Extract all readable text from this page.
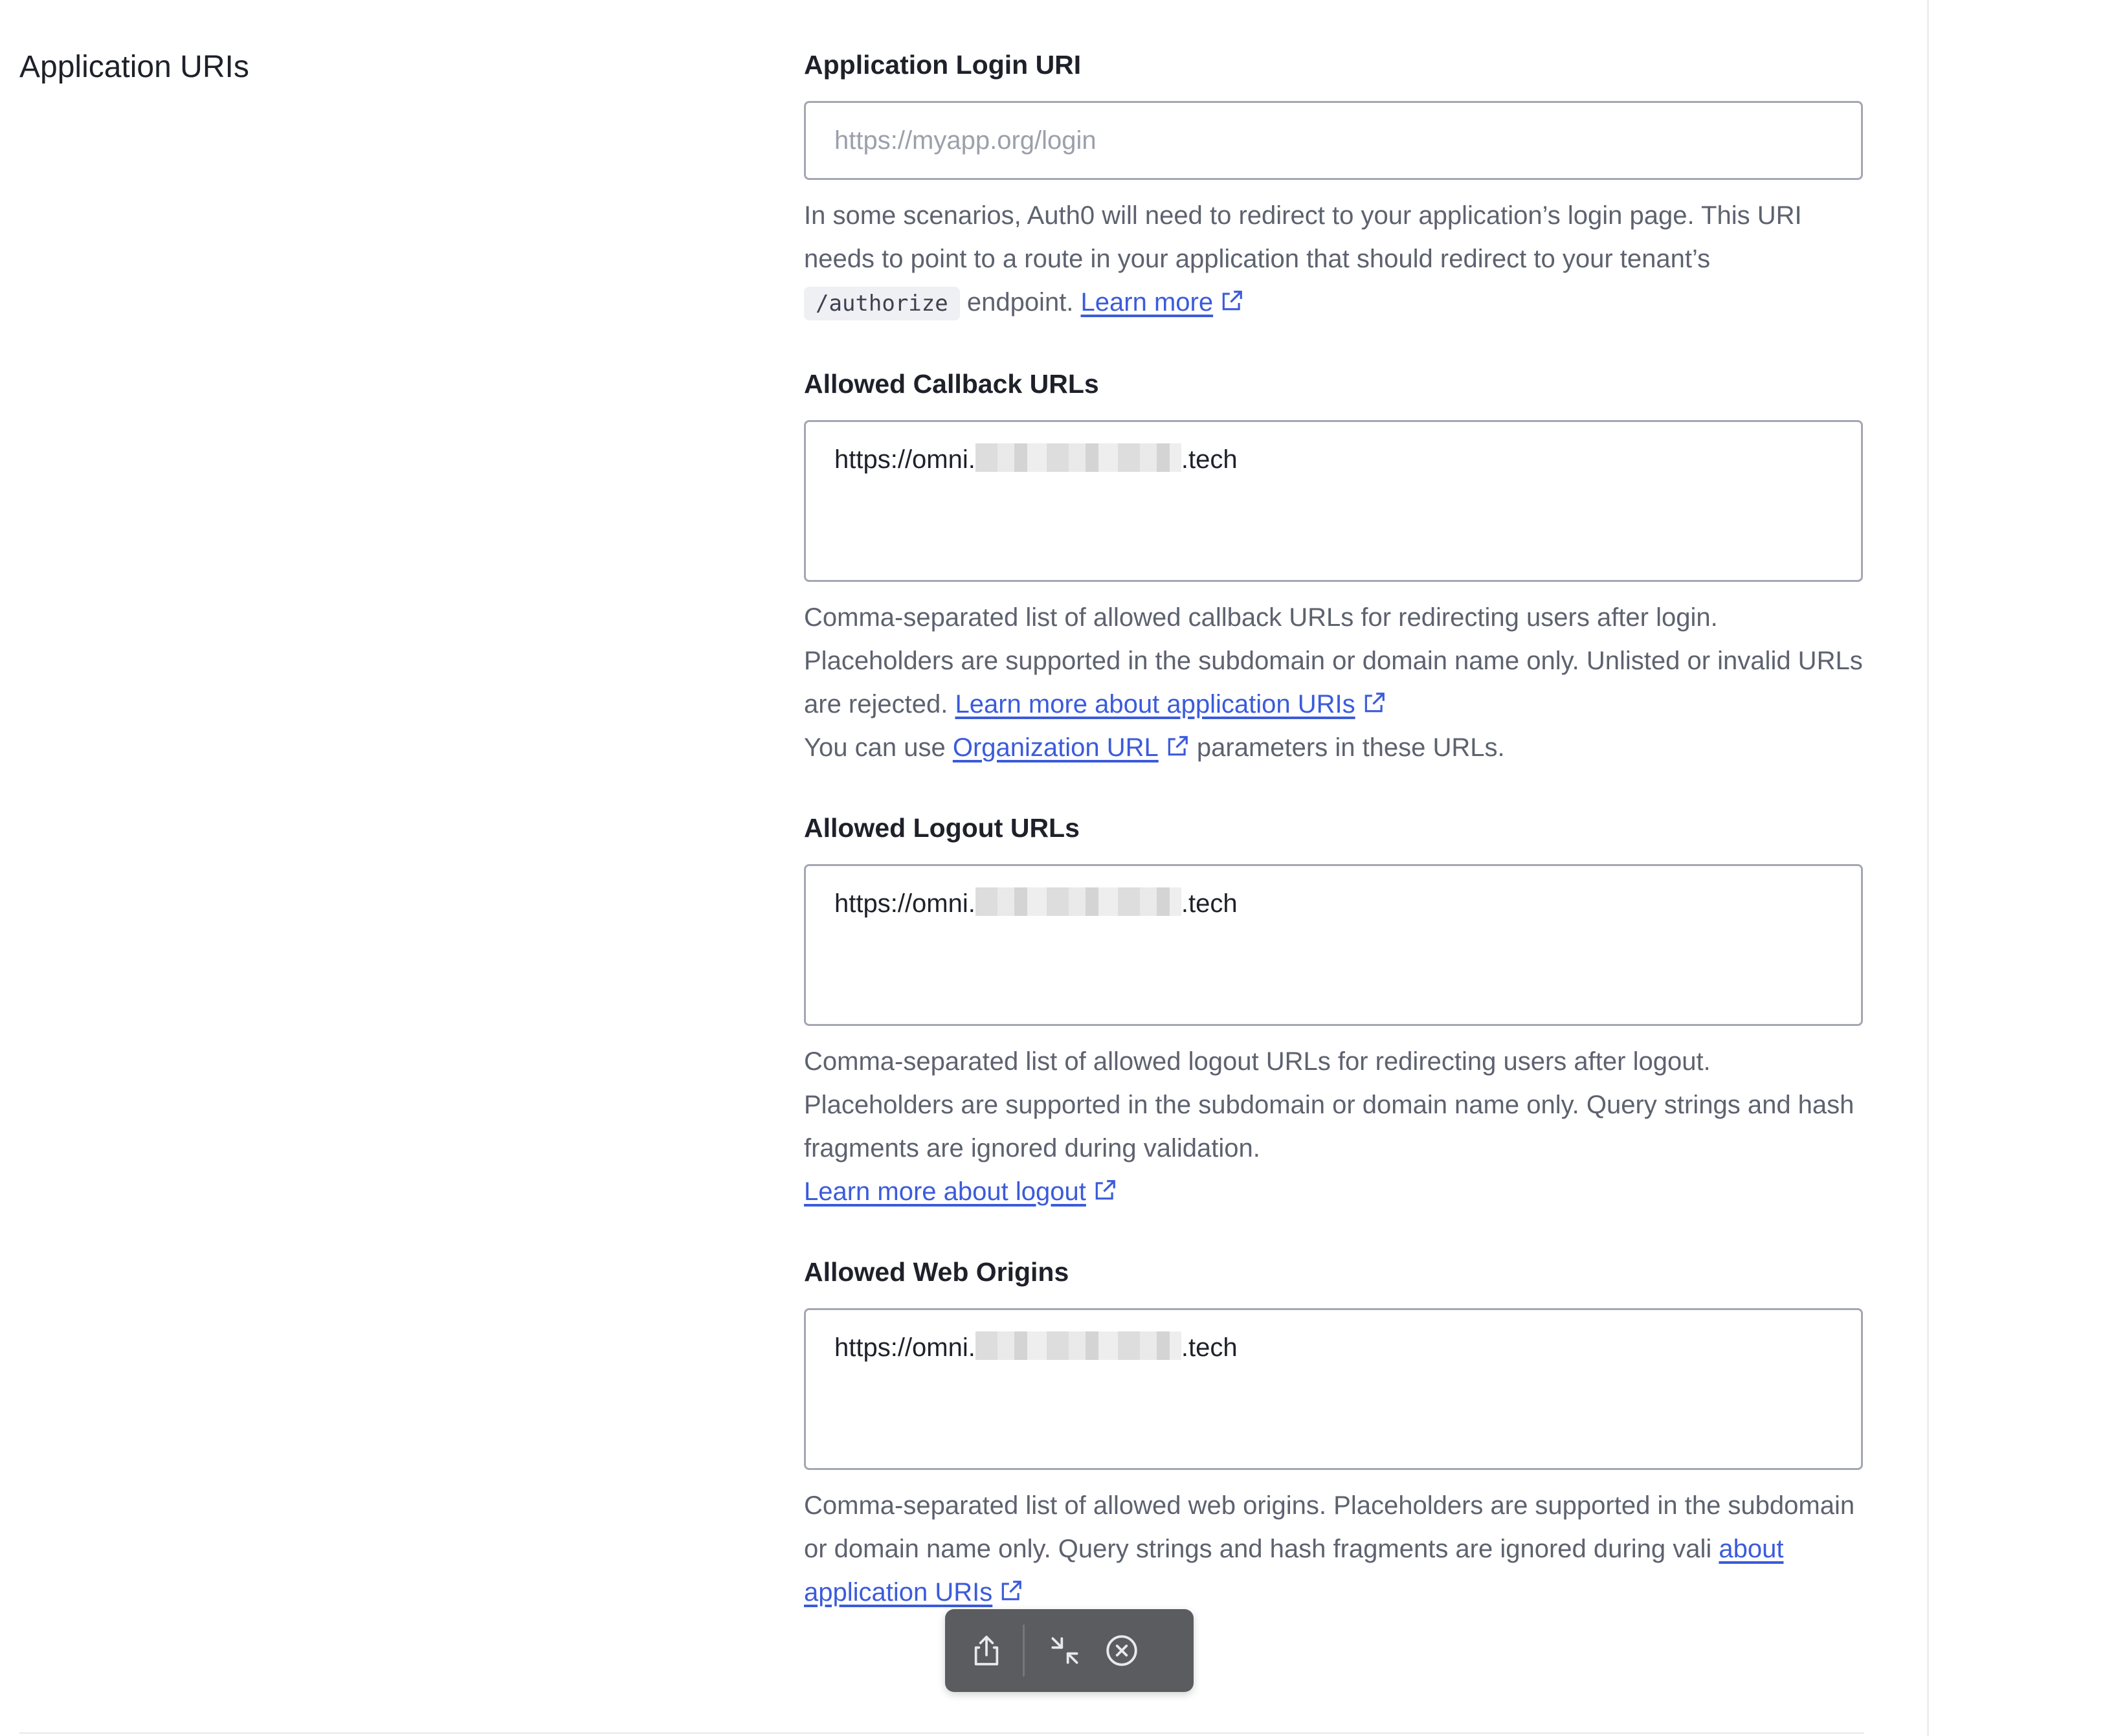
Application URIs	Application Login URI
https://myapp.org/login

In some scenarios, Auth0 will need to redirect to your application’s login page. This URI needs to point to a route in your application that should redirect to your tenant’s /authorize endpoint. Learn more

Allowed Callback URLs
https://omni.	.tech

Comma-separated list of allowed callback URLs for redirecting users after login. Placeholders are supported in the subdomain or domain name only. Unlisted or invalid URLs are rejected. Learn more about application URIs

You can use Organization URL parameters in these URLs.

Allowed Logout URLs
https://omni.	.tech

Comma-separated list of allowed logout URLs for redirecting users after logout. Placeholders are supported in the subdomain or domain name only. Query strings and hash fragments are ignored during validation.

Learn more about logout

Allowed Web Origins
https://omni.	.tech

Comma-separated list of allowed web origins. Placeholders are supported in the subdomain or domain name only. Query strings and hash fragments are ignored during vali about application URIs
